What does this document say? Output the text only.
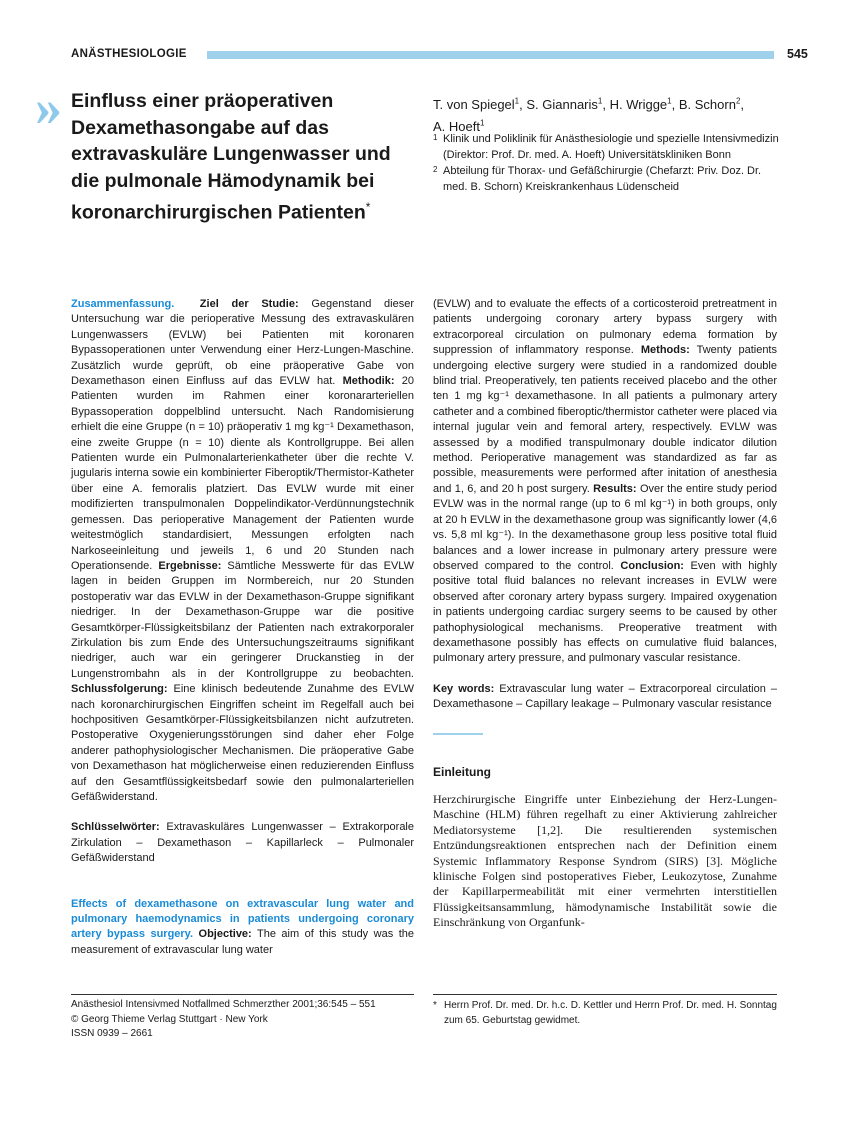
ANÄSTHESIOLOGIE	545
» Einfluss einer präoperativen Dexamethasongabe auf das extravaskuläre Lungenwasser und die pulmonale Hämodynamik bei koronarchirurgischen Patienten*
T. von Spiegel$^1$, S. Giannaris$^1$, H. Wrigge$^1$, B. Schorn$^2$,
A. Hoeft$^1$
1 Klinik und Poliklinik für Anästhesiologie und spezielle Intensivmedizin (Direktor: Prof. Dr. med. A. Hoeft) Universitätskliniken Bonn
2 Abteilung für Thorax- und Gefäßchirurgie (Chefarzt: Priv. Doz. Dr. med. B. Schorn) Kreiskrankenhaus Lüdenscheid

Zusammenfassung. Ziel der Studie: Gegenstand dieser Untersuchung war die perioperative Messung des extravaskulären Lungenwassers (EVLW) bei Patienten mit koronaren Bypassoperationen unter Verwendung einer Herz-Lungen-Maschine. Zusätzlich wurde geprüft, ob eine präoperative Gabe von Dexamethason einen Einfluss auf das EVLW hat. Methodik: 20 Patienten wurden im Rahmen einer koronararteriellen Bypassoperation doppelblind untersucht. Nach Randomisierung erhielt die eine Gruppe (n = 10) präoperativ 1 mg kg⁻¹ Dexamethason, eine zweite Gruppe (n = 10) diente als Kontrollgruppe. Bei allen Patienten wurde ein Pulmonalarterienkatheter über die rechte V. jugularis interna sowie ein kombinierter Fiberoptik/Thermistor-Katheter über eine A. femoralis platziert. Das EVLW wurde mit einer modifizierten transpulmonalen Doppelindikator-Verdünnungstechnik gemessen. Das perioperative Management der Patienten wurde weitestmöglich standardisiert, Messungen erfolgten nach Narkoseeinleitung und jeweils 1, 6 und 20 Stunden nach Operationsende. Ergebnisse: Sämtliche Messwerte für das EVLW lagen in beiden Gruppen im Normbereich, nur 20 Stunden postoperativ war das EVLW in der Dexamethason-Gruppe signifikant niedriger. In der Dexamethason-Gruppe war die positive Gesamtkörper-Flüssigkeitsbilanz der Patienten nach extrakorporaler Zirkulation bis zum Ende des Untersuchungszeitraums signifikant niedriger, auch war ein geringerer Druckanstieg in der Lungenstrombahn als in der Kontrollgruppe zu beobachten. Schlussfolgerung: Eine klinisch bedeutende Zunahme des EVLW nach koronarchirurgischen Eingriffen scheint im Regelfall auch bei hochpositiven Gesamtkörper-Flüssigkeitsbilanzen nicht aufzutreten. Postoperative Oxygenierungsstörungen sind daher eher Folge anderer pathophysiologischer Mechanismen. Die präoperative Gabe von Dexamethason hat möglicherweise einen reduzierenden Einfluss auf den Gesamtflüssigkeitsbedarf sowie den pulmonalarteriellen Gefäßwiderstand.

Schlüsselwörter: Extravaskuläres Lungenwasser – Extrakorporale Zirkulation – Dexamethason – Kapillarleck – Pulmonaler Gefäßwiderstand

Effects of dexamethasone on extravascular lung water and pulmonary haemodynamics in patients undergoing coronary artery bypass surgery. Objective: The aim of this study was the measurement of extravascular lung water

(EVLW) and to evaluate the effects of a corticosteroid pretreatment in patients undergoing coronary artery bypass surgery with extracorporeal circulation on pulmonary edema formation by suppression of inflammatory response. Methods: Twenty patients undergoing elective surgery were studied in a randomized double blind trial. Preoperatively, ten patients received placebo and the other ten 1 mg kg⁻¹ dexamethasone. In all patients a pulmonary artery catheter and a combined fiberoptic/thermistor catheter were placed via internal jugular vein and femoral artery, respectively. EVLW was assessed by a modified transpulmonary double indicator dilution method. Perioperative management was standardized as far as possible, measurements were performed after initation of anesthesia and 1, 6, and 20 h post surgery. Results: Over the entire study period EVLW was in the normal range (up to 6 ml kg⁻¹) in both groups, only at 20 h EVLW in the dexamethasone group was significantly lower (4,6 vs. 5,8 ml kg⁻¹). In the dexamethasone group less positive total fluid balances and a lower increase in pulmonary artery pressure were observed compared to the control. Conclusion: Even with highly positive total fluid balances no relevant increases in EVLW were observed after coronary artery bypass surgery. Impaired oxygenation in patients undergoing cardiac surgery seems to be caused by other pathophysiological mechanisms. Preoperative treatment with dexamethasone possibly has effects on cumulative fluid balances, pulmonary artery pressure, and pulmonary vascular resistance.

Key words: Extravascular lung water – Extracorporeal circulation – Dexamethasone – Capillary leakage – Pulmonary vascular resistance

Einleitung

Herzchirurgische Eingriffe unter Einbeziehung der Herz-Lungen-Maschine (HLM) führen regelhaft zu einer Aktivierung zahlreicher Mediatorsysteme [1,2]. Die resultierenden systemischen Entzündungsreaktionen entsprechen nach der Definition einem Systemic Inflammatory Response Syndrom (SIRS) [3]. Mögliche klinische Folgen sind postoperatives Fieber, Leukozytose, Zunahme der Kapillarpermeabilität mit einer vermehrten interstitiellen Flüssigkeitsansammlung, hämodynamische Instabilität sowie die Einschränkung von Organfunk-

Anästhesiol Intensivmed Notfallmed Schmerzther 2001;36:545 – 551
© Georg Thieme Verlag Stuttgart · New York
ISSN 0939 – 2661
* Herrn Prof. Dr. med. Dr. h.c. D. Kettler und Herrn Prof. Dr. med. H. Sonntag zum 65. Geburtstag gewidmet.
